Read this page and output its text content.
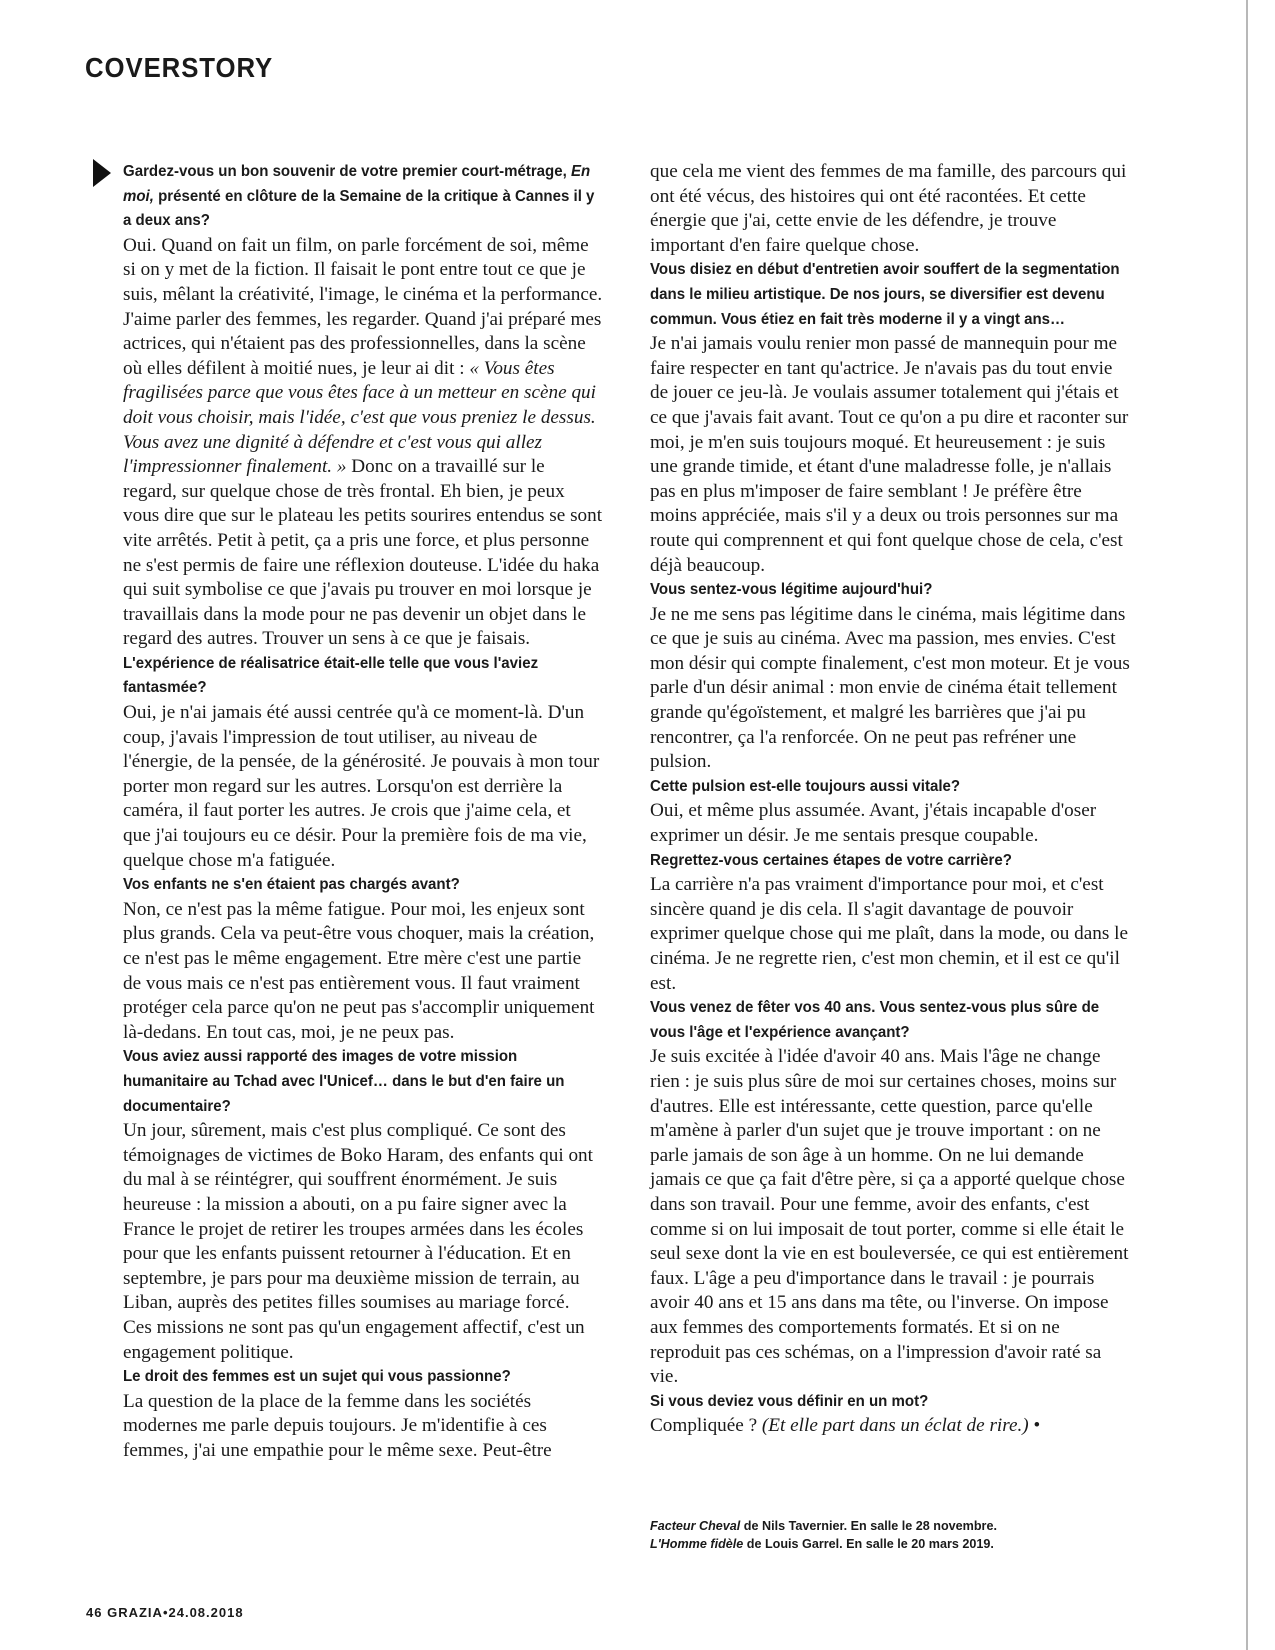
COVERSTORY

Gardez-vous un bon souvenir de votre premier court-métrage, En moi, présenté en clôture de la Semaine de la critique à Cannes il y a deux ans?

Oui. Quand on fait un film, on parle forcément de soi, même si on y met de la fiction. Il faisait le pont entre tout ce que je suis, mêlant la créativité, l'image, le cinéma et la performance. J'aime parler des femmes, les regarder. Quand j'ai préparé mes actrices, qui n'étaient pas des professionnelles, dans la scène où elles défilent à moitié nues, je leur ai dit : « Vous êtes fragilisées parce que vous êtes face à un metteur en scène qui doit vous choisir, mais l'idée, c'est que vous preniez le dessus. Vous avez une dignité à défendre et c'est vous qui allez l'impressionner finalement. » Donc on a travaillé sur le regard, sur quelque chose de très frontal. Eh bien, je peux vous dire que sur le plateau les petits sourires entendus se sont vite arrêtés. Petit à petit, ça a pris une force, et plus personne ne s'est permis de faire une réflexion douteuse. L'idée du haka qui suit symbolise ce que j'avais pu trouver en moi lorsque je travaillais dans la mode pour ne pas devenir un objet dans le regard des autres. Trouver un sens à ce que je faisais.

L'expérience de réalisatrice était-elle telle que vous l'aviez fantasmée?

Oui, je n'ai jamais été aussi centrée qu'à ce moment-là. D'un coup, j'avais l'impression de tout utiliser, au niveau de l'énergie, de la pensée, de la générosité. Je pouvais à mon tour porter mon regard sur les autres. Lorsqu'on est derrière la caméra, il faut porter les autres. Je crois que j'aime cela, et que j'ai toujours eu ce désir. Pour la première fois de ma vie, quelque chose m'a fatiguée.

Vos enfants ne s'en étaient pas chargés avant?

Non, ce n'est pas la même fatigue. Pour moi, les enjeux sont plus grands. Cela va peut-être vous choquer, mais la création, ce n'est pas le même engagement. Etre mère c'est une partie de vous mais ce n'est pas entièrement vous. Il faut vraiment protéger cela parce qu'on ne peut pas s'accomplir uniquement là-dedans. En tout cas, moi, je ne peux pas.

Vous aviez aussi rapporté des images de votre mission humanitaire au Tchad avec l'Unicef… dans le but d'en faire un documentaire?

Un jour, sûrement, mais c'est plus compliqué. Ce sont des témoignages de victimes de Boko Haram, des enfants qui ont du mal à se réintégrer, qui souffrent énormément. Je suis heureuse : la mission a abouti, on a pu faire signer avec la France le projet de retirer les troupes armées dans les écoles pour que les enfants puissent retourner à l'éducation. Et en septembre, je pars pour ma deuxième mission de terrain, au Liban, auprès des petites filles soumises au mariage forcé. Ces missions ne sont pas qu'un engagement affectif, c'est un engagement politique.

Le droit des femmes est un sujet qui vous passionne?

La question de la place de la femme dans les sociétés modernes me parle depuis toujours. Je m'identifie à ces femmes, j'ai une empathie pour le même sexe. Peut-être

que cela me vient des femmes de ma famille, des parcours qui ont été vécus, des histoires qui ont été racontées. Et cette énergie que j'ai, cette envie de les défendre, je trouve important d'en faire quelque chose.

Vous disiez en début d'entretien avoir souffert de la segmentation dans le milieu artistique. De nos jours, se diversifier est devenu commun. Vous étiez en fait très moderne il y a vingt ans…

Je n'ai jamais voulu renier mon passé de mannequin pour me faire respecter en tant qu'actrice. Je n'avais pas du tout envie de jouer ce jeu-là. Je voulais assumer totalement qui j'étais et ce que j'avais fait avant. Tout ce qu'on a pu dire et raconter sur moi, je m'en suis toujours moqué. Et heureusement : je suis une grande timide, et étant d'une maladresse folle, je n'allais pas en plus m'imposer de faire semblant ! Je préfère être moins appréciée, mais s'il y a deux ou trois personnes sur ma route qui comprennent et qui font quelque chose de cela, c'est déjà beaucoup.

Vous sentez-vous légitime aujourd'hui?

Je ne me sens pas légitime dans le cinéma, mais légitime dans ce que je suis au cinéma. Avec ma passion, mes envies. C'est mon désir qui compte finalement, c'est mon moteur. Et je vous parle d'un désir animal : mon envie de cinéma était tellement grande qu'égoïstement, et malgré les barrières que j'ai pu rencontrer, ça l'a renforcée. On ne peut pas refréner une pulsion.

Cette pulsion est-elle toujours aussi vitale?

Oui, et même plus assumée. Avant, j'étais incapable d'oser exprimer un désir. Je me sentais presque coupable.

Regrettez-vous certaines étapes de votre carrière?

La carrière n'a pas vraiment d'importance pour moi, et c'est sincère quand je dis cela. Il s'agit davantage de pouvoir exprimer quelque chose qui me plaît, dans la mode, ou dans le cinéma. Je ne regrette rien, c'est mon chemin, et il est ce qu'il est.

Vous venez de fêter vos 40 ans. Vous sentez-vous plus sûre de vous l'âge et l'expérience avançant?

Je suis excitée à l'idée d'avoir 40 ans. Mais l'âge ne change rien : je suis plus sûre de moi sur certaines choses, moins sur d'autres. Elle est intéressante, cette question, parce qu'elle m'amène à parler d'un sujet que je trouve important : on ne parle jamais de son âge à un homme. On ne lui demande jamais ce que ça fait d'être père, si ça a apporté quelque chose dans son travail. Pour une femme, avoir des enfants, c'est comme si on lui imposait de tout porter, comme si elle était le seul sexe dont la vie en est bouleversée, ce qui est entièrement faux. L'âge a peu d'importance dans le travail : je pourrais avoir 40 ans et 15 ans dans ma tête, ou l'inverse. On impose aux femmes des comportements formatés. Et si on ne reproduit pas ces schémas, on a l'impression d'avoir raté sa vie.

Si vous deviez vous définir en un mot?

Compliquée ? (Et elle part dans un éclat de rire.) •

Facteur Cheval de Nils Tavernier. En salle le 28 novembre.
L'Homme fidèle de Louis Garrel. En salle le 20 mars 2019.
46 GRAZIA•24.08.2018
